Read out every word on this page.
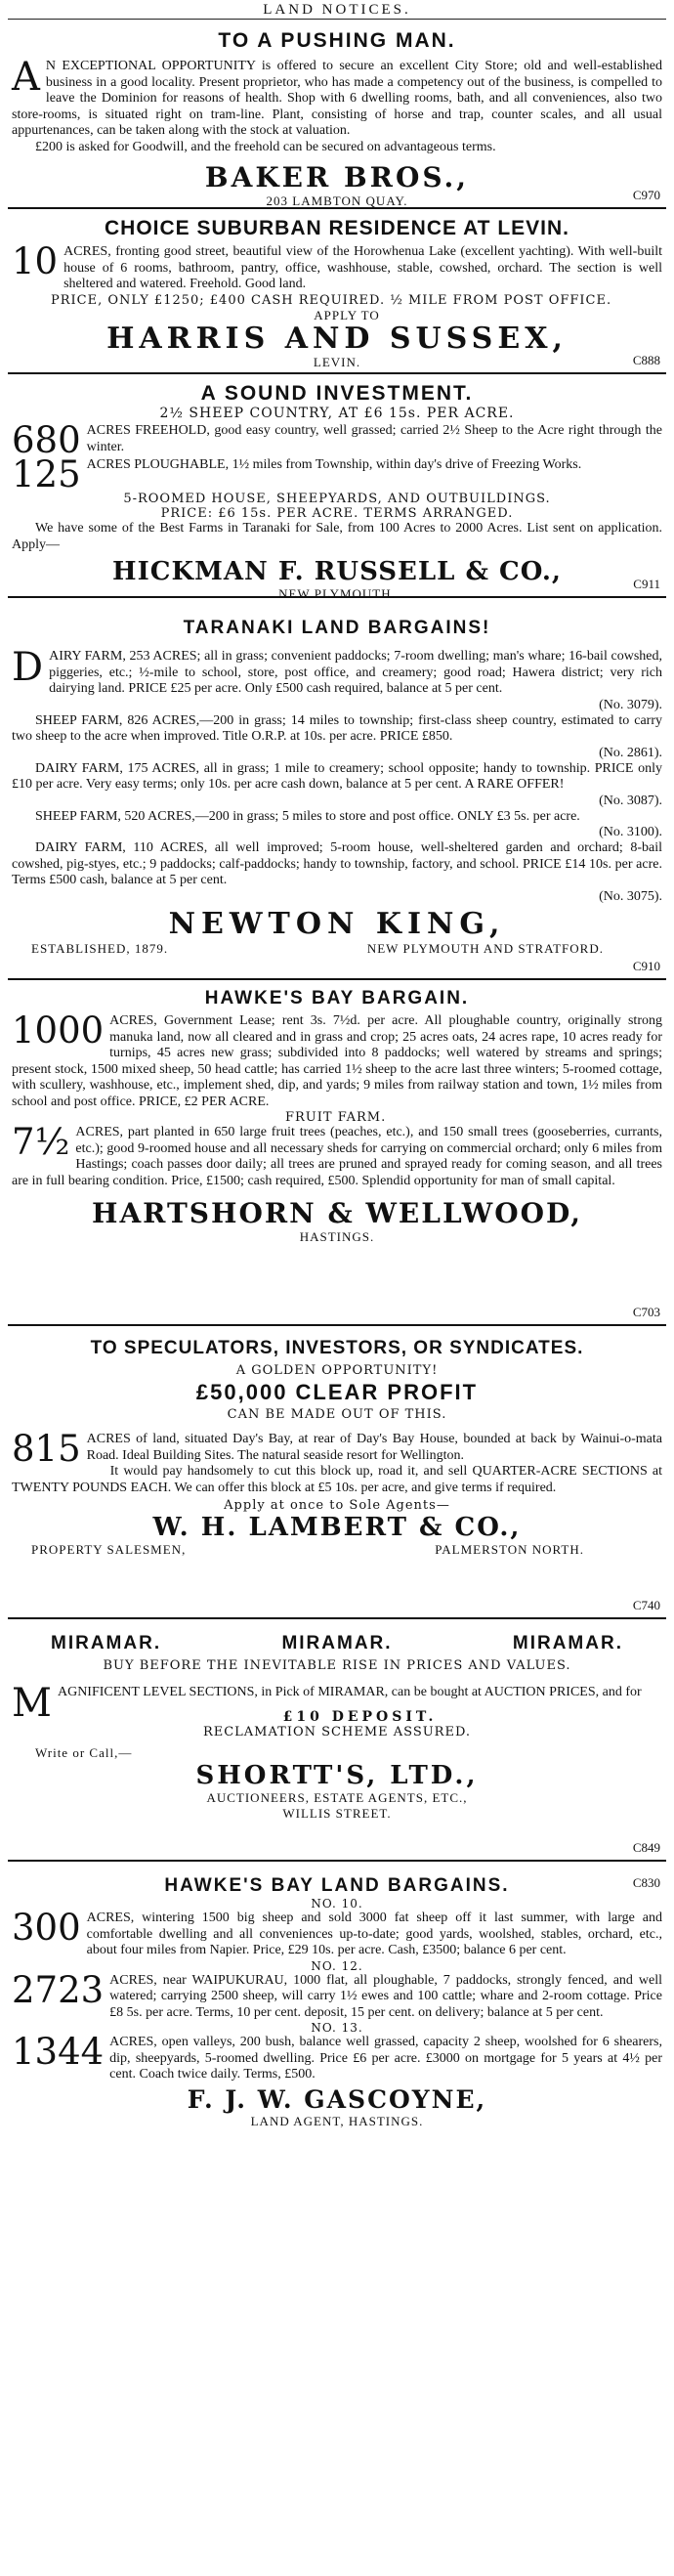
LAND NOTICES.
TO A PUSHING MAN.
A N EXCEPTIONAL OPPORTUNITY is offered to secure an excellent City Store; old and well-established business in a good locality. Present proprietor, who has made a competency out of the business, is compelled to leave the Dominion for reasons of health. Shop with 6 dwelling rooms, bath, and all conveniences, also two store-rooms, is situated right on tram-line. Plant, consisting of horse and trap, counter scales, and all usual appurtenances, can be taken along with the stock at valuation.

£200 is asked for Goodwill, and the freehold can be secured on advantageous terms.

BAKER BROS.,
203 LAMBTON QUAY.	C970
CHOICE SUBURBAN RESIDENCE AT LEVIN.
10 ACRES, fronting good street, beautiful view of the Horowhenua Lake (excellent yachting). With well-built house of 6 rooms, bathroom, pantry, office, washhouse, stable, cowshed, orchard. The section is well sheltered and watered. Freehold. Good land.

PRICE, ONLY £1250; £400 CASH REQUIRED. ½ MILE FROM POST OFFICE.
APPLY TO
HARRIS AND SUSSEX,
LEVIN.	C888
A SOUND INVESTMENT.
2½ SHEEP COUNTRY, AT £6 15s. PER ACRE.
680 ACRES FREEHOLD, good easy country, well grassed; carried 2½ Sheep to the Acre right through the winter.

125 ACRES PLOUGHABLE, 1½ miles from Township, within day's drive of Freezing Works.

5-ROOMED HOUSE, SHEEPYARDS, AND OUTBUILDINGS.
PRICE: £6 15s. PER ACRE. TERMS ARRANGED.
We have some of the Best Farms in Taranaki for Sale, from 100 Acres to 2000 Acres. List sent on application. Apply—
HICKMAN F. RUSSELL & CO.,
NEW PLYMOUTH.
C911
TARANAKI LAND BARGAINS!
D AIRY FARM, 253 ACRES; all in grass; convenient paddocks; 7-room dwelling; man's whare; 16-bail cowshed, piggeries, etc.; ½-mile to school, store, post office, and creamery; good road; Hawera district; very rich dairying land. PRICE £25 per acre. Only £500 cash required, balance at 5 per cent.

(No. 3079).

SHEEP FARM, 826 ACRES,—200 in grass; 14 miles to township; first-class sheep country, estimated to carry two sheep to the acre when improved. Title O.R.P. at 10s. per acre. PRICE £850.

(No. 2861).

DAIRY FARM, 175 ACRES, all in grass; 1 mile to creamery; school opposite; handy to township. PRICE only £10 per acre. Very easy terms; only 10s. per acre cash down, balance at 5 per cent. A RARE OFFER!

(No. 3087).

SHEEP FARM, 520 ACRES,—200 in grass; 5 miles to store and post office. ONLY £3 5s. per acre.

(No. 3100).

DAIRY FARM, 110 ACRES, all well improved; 5-room house, well-sheltered garden and orchard; 8-bail cowshed, pig-styes, etc.; 9 paddocks; calf-paddocks; handy to township, factory, and school. PRICE £14 10s. per acre. Terms £500 cash, balance at 5 per cent.

(No. 3075).
NEWTON KING,
ESTABLISHED, 1879.	NEW PLYMOUTH AND STRATFORD.
C910
HAWKE'S BAY BARGAIN.
1000 ACRES, Government Lease; rent 3s. 7½d. per acre. All ploughable country, originally strong manuka land, now all cleared and in grass and crop; 25 acres oats, 24 acres rape, 10 acres ready for turnips, 45 acres new grass; subdivided into 8 paddocks; well watered by streams and springs; present stock, 1500 mixed sheep, 50 head cattle; has carried 1½ sheep to the acre last three winters; 5-roomed cottage, with scullery, washhouse, etc., implement shed, dip, and yards; 9 miles from railway station and town, 1½ miles from school and post office. PRICE, £2 PER ACRE.

FRUIT FARM.
7½ ACRES, part planted in 650 large fruit trees (peaches, etc.), and 150 small trees (gooseberries, currants, etc.); good 9-roomed house and all necessary sheds for carrying on commercial orchard; only 6 miles from Hastings; coach passes door daily; all trees are pruned and sprayed ready for coming season, and all trees are in full bearing condition. Price, £1500; cash required, £500. Splendid opportunity for man of small capital.

HARTSHORN & WELLWOOD,
HASTINGS.
C703
TO SPECULATORS, INVESTORS, OR SYNDICATES.
A GOLDEN OPPORTUNITY!
£50,000 CLEAR PROFIT
CAN BE MADE OUT OF THIS.
815 ACRES of land, situated Day's Bay, at rear of Day's Bay House, bounded at back by Wainui-o-mata Road. Ideal Building Sites. The natural seaside resort for Wellington.

It would pay handsomely to cut this block up, road it, and sell QUARTER-ACRE SECTIONS at TWENTY POUNDS EACH. We can offer this block at £5 10s. per acre, and give terms if required.

Apply at once to Sole Agents—
W. H. LAMBERT & CO.,
PROPERTY SALESMEN,	PALMERSTON NORTH.
C740
MIRAMAR.	MIRAMAR.	MIRAMAR.
BUY BEFORE THE INEVITABLE RISE IN PRICES AND VALUES.
M AGNIFICENT LEVEL SECTIONS, in Pick of MIRAMAR, can be bought at AUCTION PRICES, and for

£10 DEPOSIT.
RECLAMATION SCHEME ASSURED.
Write or Call,—
SHORTT'S, LTD.,
AUCTIONEERS, ESTATE AGENTS, ETC.,
WILLIS STREET.
C849
HAWKE'S BAY LAND BARGAINS.
NO. 10.
300 ACRES, wintering 1500 big sheep and sold 3000 fat sheep off it last summer, with large and comfortable dwelling and all conveniences up-to-date; good yards, woolshed, stables, orchard, etc., about four miles from Napier. Price, £29 10s. per acre. Cash, £3500; balance 6 per cent.

NO. 12.
2723 ACRES, near WAIPUKURAU, 1000 flat, all ploughable, 7 paddocks, strongly fenced, and well watered; carrying 2500 sheep, will carry 1½ ewes and 100 cattle; whare and 2-room cottage. Price £8 5s. per acre. Terms, 10 per cent. deposit, 15 per cent. on delivery; balance at 5 per cent.

NO. 13.
1344 ACRES, open valleys, 200 bush, balance well grassed, capacity 2 sheep, woolshed for 6 shearers, dip, sheepyards, 5-roomed dwelling. Price £6 per acre. £3000 on mortgage for 5 years at 4½ per cent. Coach twice daily. Terms, £500.

F. J. W. GASCOYNE,
LAND AGENT, HASTINGS.
C830
